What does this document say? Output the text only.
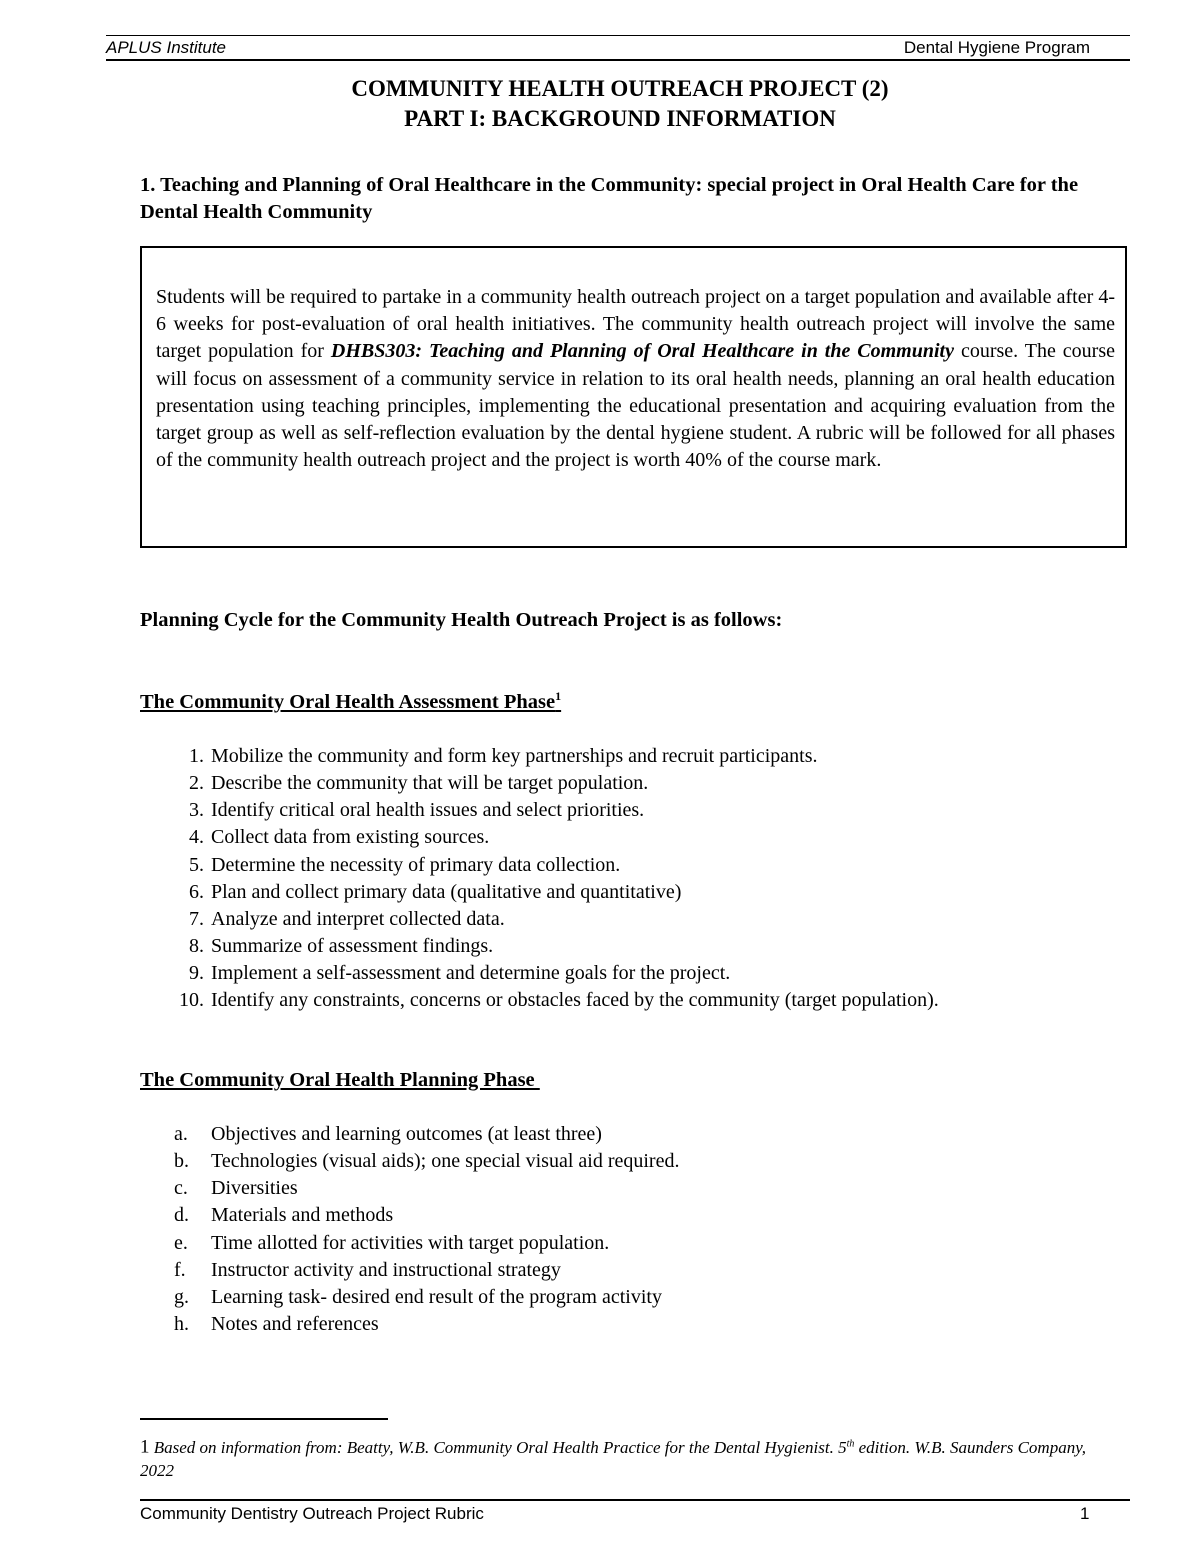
APLUS Institute	Dental Hygiene Program
COMMUNITY HEALTH OUTREACH PROJECT (2)
PART I: BACKGROUND INFORMATION
1. Teaching and Planning of Oral Healthcare in the Community: special project in Oral Health Care for the Dental Health Community
Students will be required to partake in a community health outreach project on a target population and available after 4-6 weeks for post-evaluation of oral health initiatives. The community health outreach project will involve the same target population for DHBS303: Teaching and Planning of Oral Healthcare in the Community course. The course will focus on assessment of a community service in relation to its oral health needs, planning an oral health education presentation using teaching principles, implementing the educational presentation and acquiring evaluation from the target group as well as self-reflection evaluation by the dental hygiene student. A rubric will be followed for all phases of the community health outreach project and the project is worth 40% of the course mark.
Planning Cycle for the Community Health Outreach Project is as follows:
The Community Oral Health Assessment Phase$^1$
1. Mobilize the community and form key partnerships and recruit participants.
2. Describe the community that will be target population.
3. Identify critical oral health issues and select priorities.
4. Collect data from existing sources.
5. Determine the necessity of primary data collection.
6. Plan and collect primary data (qualitative and quantitative)
7. Analyze and interpret collected data.
8. Summarize of assessment findings.
9. Implement a self-assessment and determine goals for the project.
10. Identify any constraints, concerns or obstacles faced by the community (target population).
The Community Oral Health Planning Phase
a. Objectives and learning outcomes (at least three)
b. Technologies (visual aids); one special visual aid required.
c. Diversities
d. Materials and methods
e. Time allotted for activities with target population.
f. Instructor activity and instructional strategy
g. Learning task- desired end result of the program activity
h. Notes and references
1 Based on information from: Beatty, W.B. Community Oral Health Practice for the Dental Hygienist. 5th edition. W.B. Saunders Company, 2022
Community Dentistry Outreach Project Rubric	1
